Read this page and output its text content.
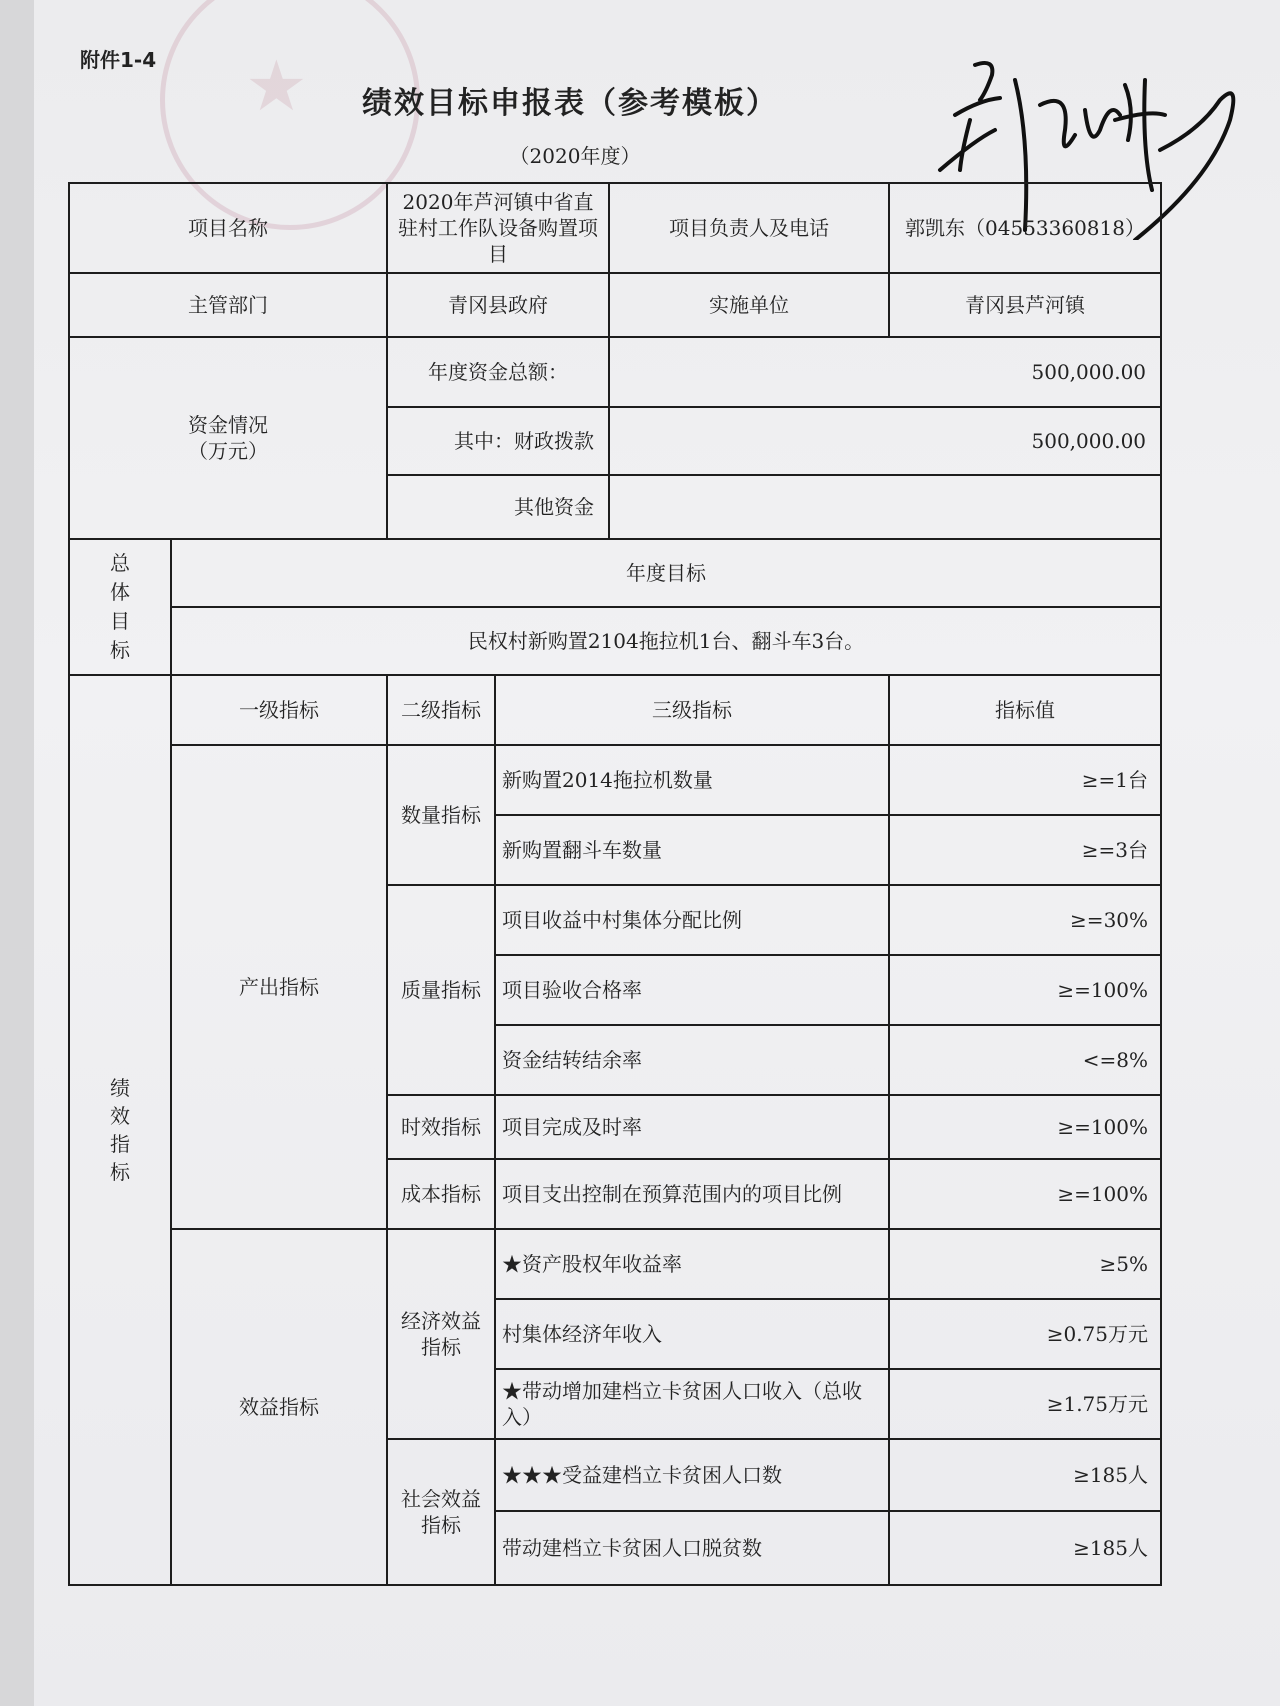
★
附件1-4
绩效目标申报表（参考模板）
（2020年度）
项目名称		2020年芦河镇中省直驻村工作队设备购置项目		项目负责人及电话	郭凯东（04553360818）
主管部门		青冈县政府		实施单位	青冈县芦河镇

资金情况
（万元）		年度资金总额：		500,000.00	
		其中：财政拨款		500,000.00	
		其他资金			

总体目标	年度目标				
	民权村新购置2104拖拉机1台、翻斗车3台。				

绩效指标	一级指标	二级指标	三级指标		指标值
	产出指标	数量指标	新购置2014拖拉机数量		≥=1台
			新购置翻斗车数量		≥=3台
		质量指标	项目收益中村集体分配比例		≥=30%
			项目验收合格率		≥=100%
			资金结转结余率		<=8%
		时效指标	项目完成及时率		≥=100%
		成本指标	项目支出控制在预算范围内的项目比例		≥=100%
	效益指标	经济效益指标	★资产股权年收益率		≥5%
			村集体经济年收入		≥0.75万元
			★带动增加建档立卡贫困人口收入（总收入）		≥1.75万元
		社会效益指标	★★★受益建档立卡贫困人口数		≥185人
			带动建档立卡贫困人口脱贫数		≥185人
